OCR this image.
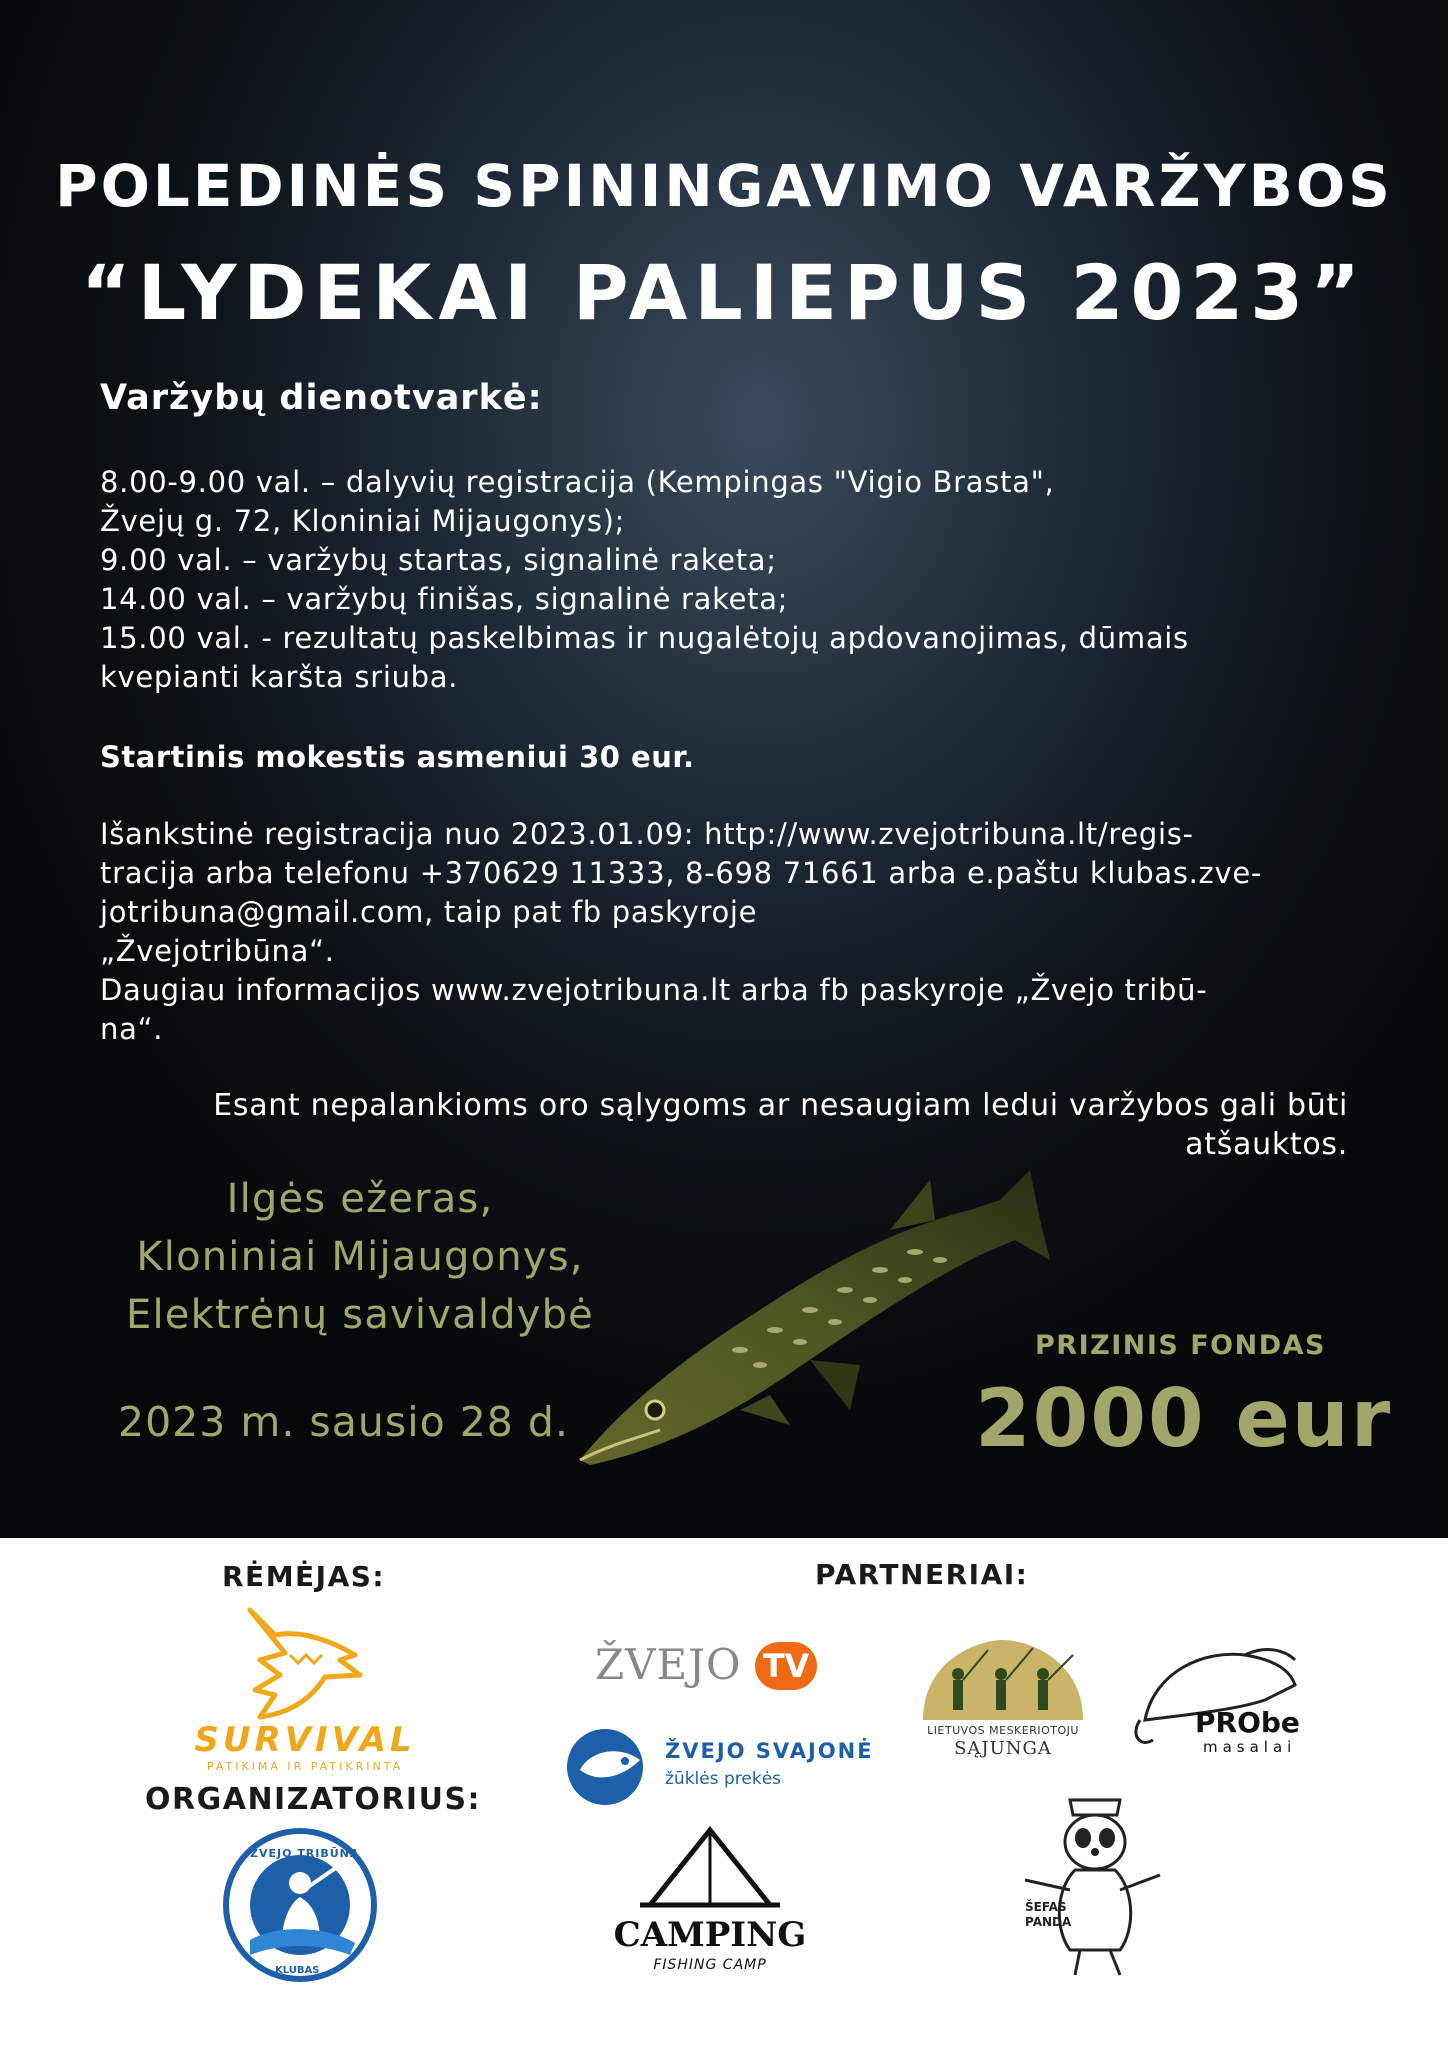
POLEDINĖS SPININGAVIMO VARŽYBOS
“LYDEKAI PALIEPUS 2023”
Varžybų dienotvarkė:
8.00-9.00 val. – dalyvių registracija (Kempingas "Vigio Brasta",
Žvejų g. 72, Kloniniai Mijaugonys);
9.00 val. – varžybų startas, signalinė raketa;
14.00 val. – varžybų finišas, signalinė raketa;
15.00 val. - rezultatų paskelbimas ir nugalėtojų apdovanojimas, dūmais
kvepianti karšta sriuba.
Startinis mokestis asmeniui 30 eur.
Išankstinė registracija nuo 2023.01.09: http://www.zvejotribuna.lt/regis-
tracija arba telefonu +370629 11333, 8-698 71661 arba e.paštu klubas.zve-
jotribuna@gmail.com, taip pat fb paskyroje
„Žvejotribūna“.
Daugiau informacijos www.zvejotribuna.lt arba fb paskyroje „Žvejo tribū-
na“.
Esant nepalankioms oro sąlygoms ar nesaugiam ledui varžybos gali būti
atšauktos.
Ilgės ežeras,
Kloniniai Mijaugonys,
Elektrėnų savivaldybė
2023 m. sausio 28 d.
PRIZINIS FONDAS
2000 eur
RĖMĖJAS:	PARTNERIAI:
ORGANIZATORIUS:
SURVIVAL
PATIKIMA IR PATIKRINTA
ŽVEJO TRIBŪNA
KLUBAS
ŽVEJO TV
LIETUVOS MESKERIOTOJU
SĄJUNGA
PRObe
masalai
ŽVEJO SVAJONĖ
žūklės prekės
CAMPING
FISHING CAMP
ŠEFAS
PANDA
